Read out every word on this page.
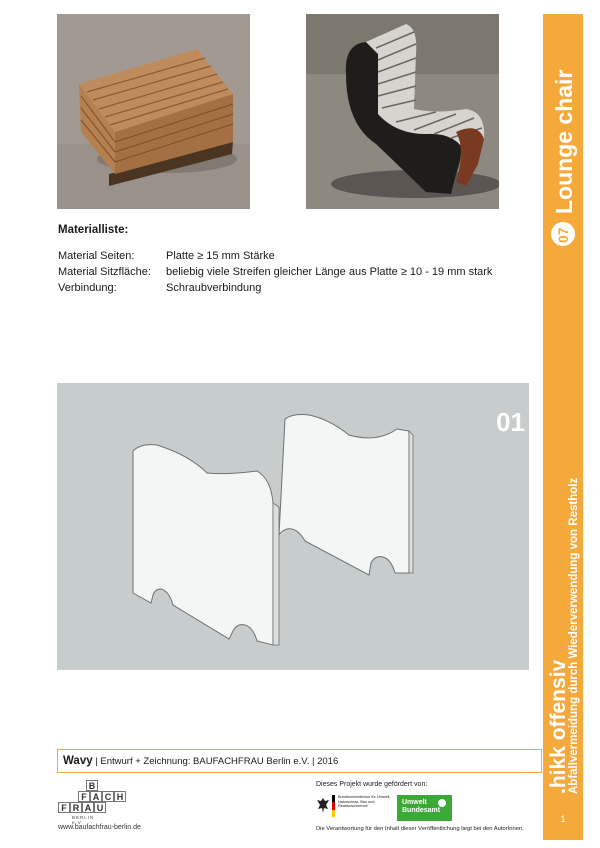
Materialliste:
Material Seiten:	Platte ≥ 15 mm Stärke
Material Sitzfläche:	beliebig viele Streifen gleicher Länge aus Platte ≥ 10 - 19 mm stark
Verbindung:	Schraubverbindung
01
Wavy | Entwurf + Zeichnung: BAUFACHFRAU Berlin e.V. | 2016
B
F A C H
F R A U
BERLIN e.V.
www.baufachfrau-berlin.de
Dieses Projekt wurde gefördert von:
Bundesministerium für Umwelt, Naturschutz, Bau und Reaktorsicherheit	Umwelt
Bundesamt
Die Verantwortung für den Inhalt dieser Veröffentlichung liegt bei den AutorInnen.
Lounge chair
07
.hikk offensiv
Abfallvermeidung durch Wiederverwendung von Restholz
1
